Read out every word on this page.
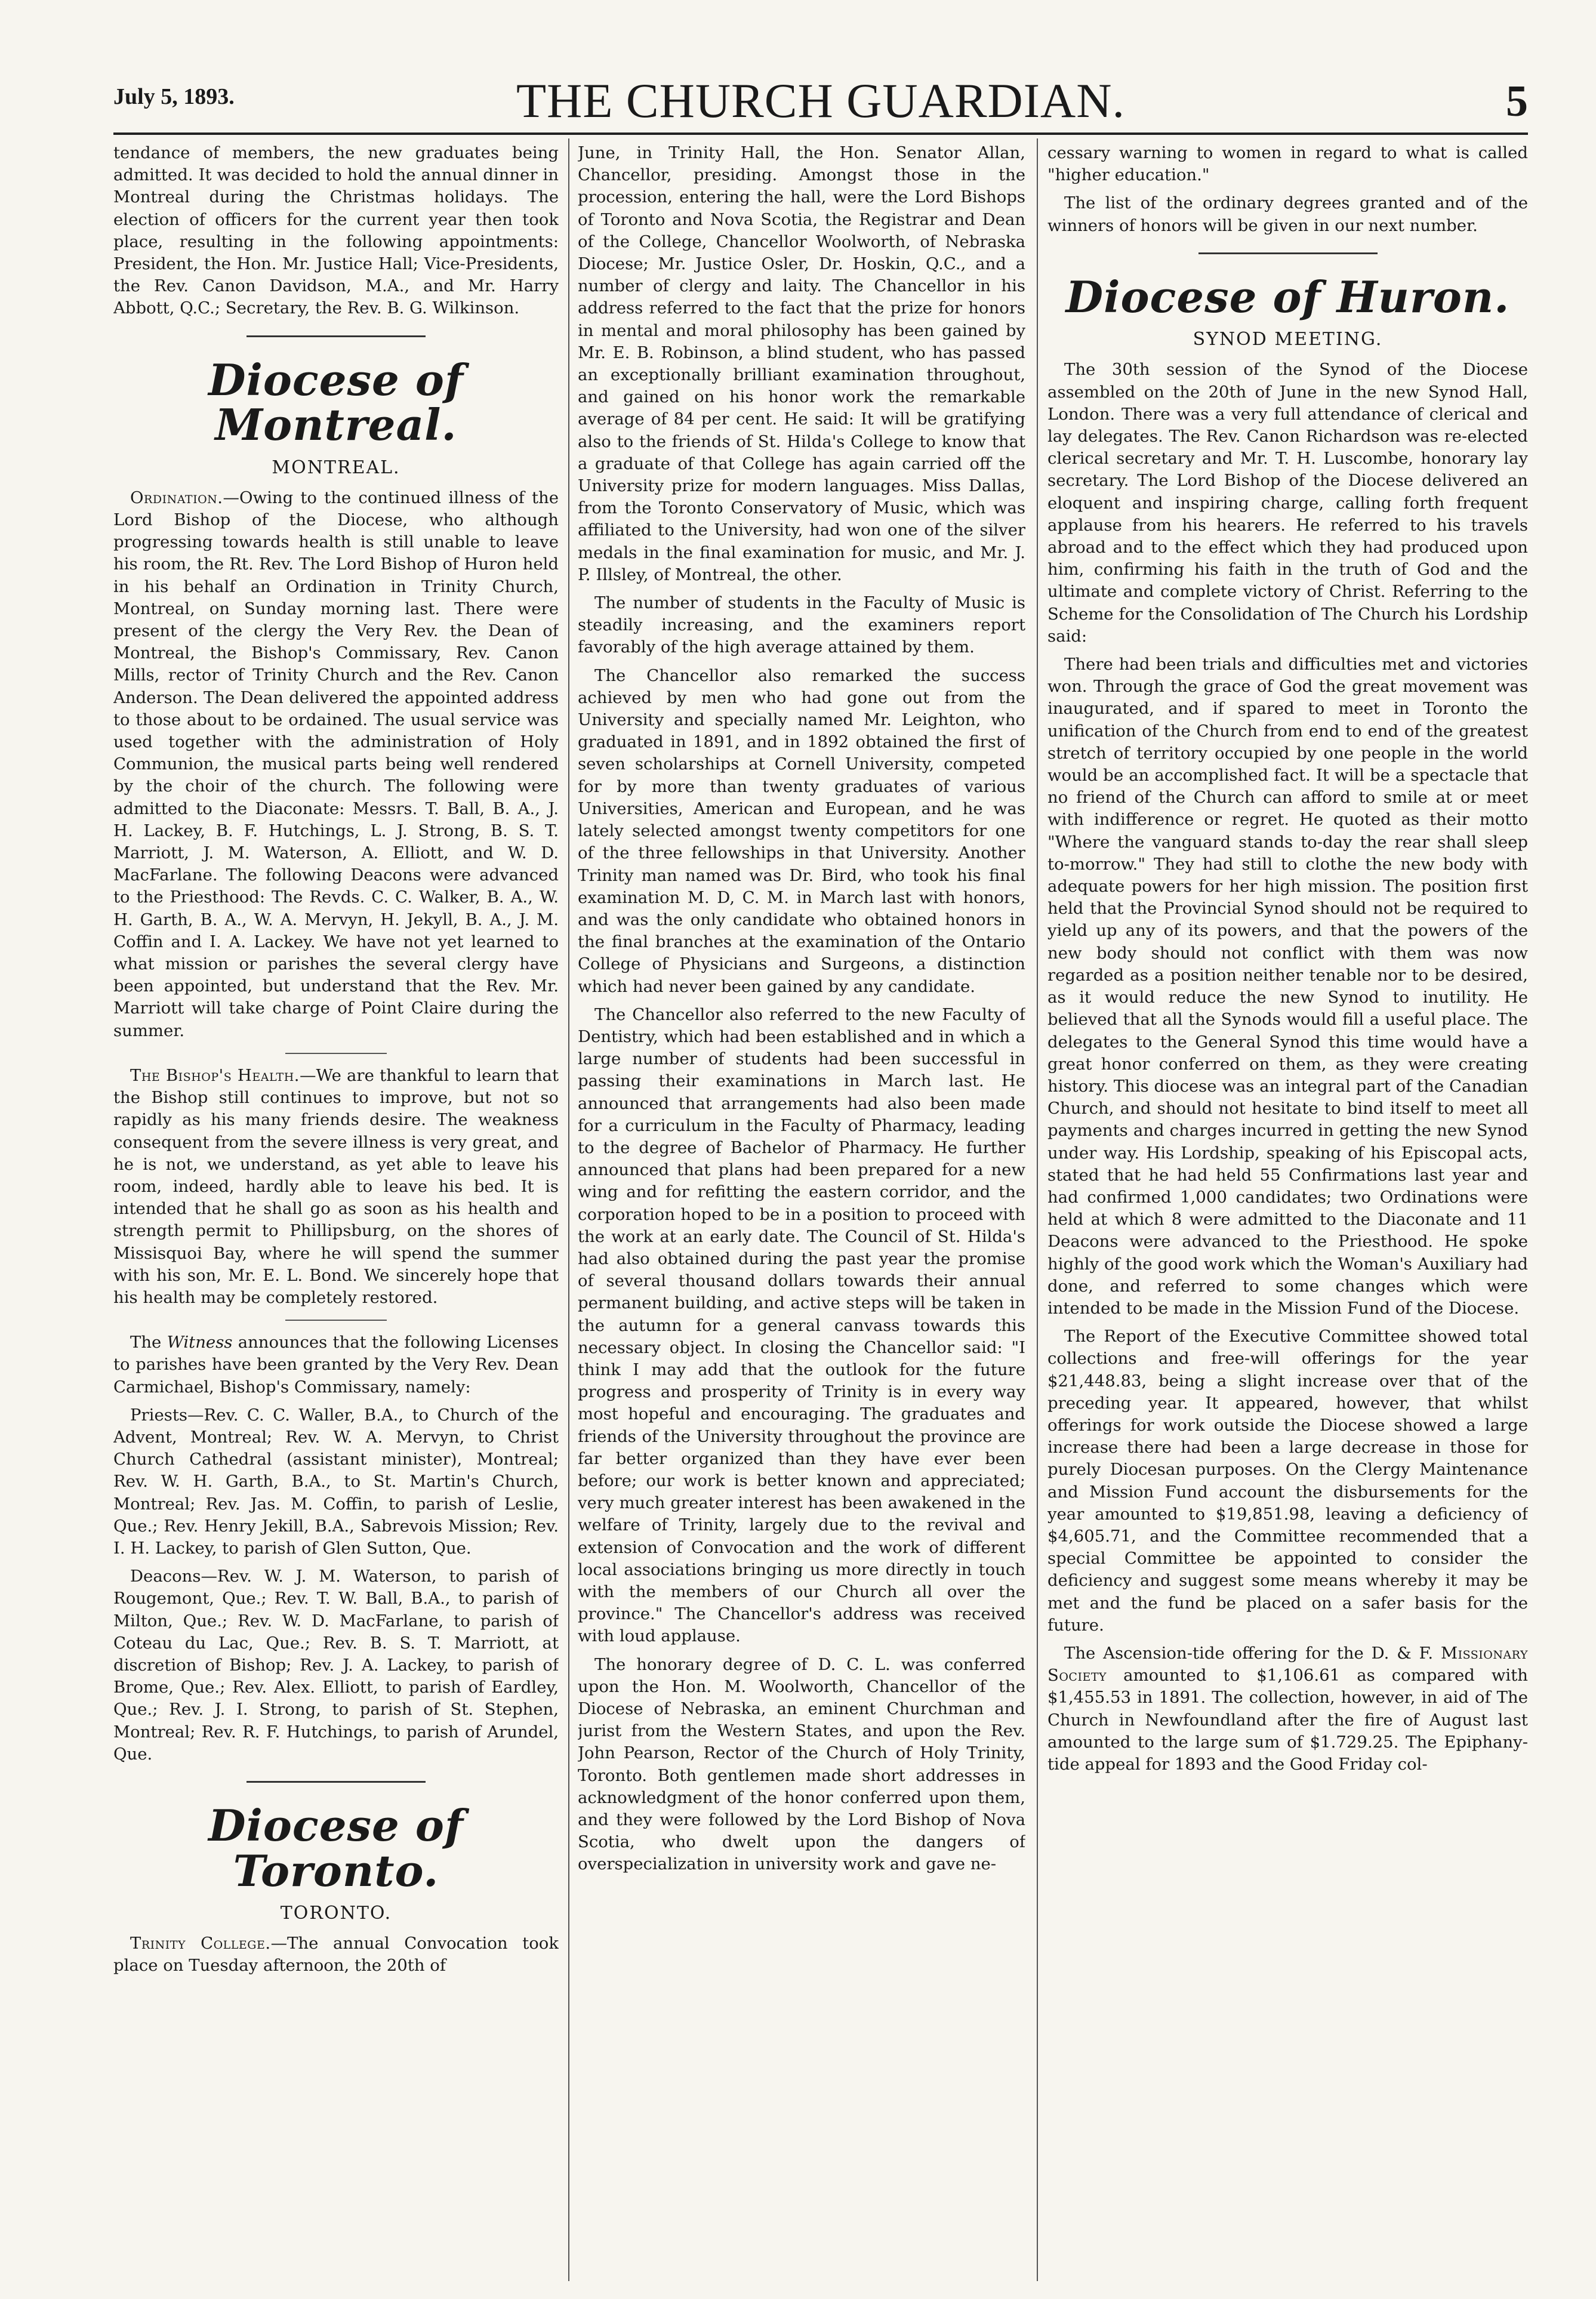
July 5, 1893.	THE CHURCH GUARDIAN.	5

tendance of members, the new graduates being admitted. It was decided to hold the annual dinner in Montreal during the Christmas holidays. The election of officers for the current year then took place, resulting in the following appointments: President, the Hon. Mr. Justice Hall; Vice-Presidents, the Rev. Canon Davidson, M.A., and Mr. Harry Abbott, Q.C.; Secretary, the Rev. B. G. Wilkinson.

Diocese of Montreal.
MONTREAL.

Ordination.—Owing to the continued illness of the Lord Bishop of the Diocese, who although progressing towards health is still unable to leave his room, the Rt. Rev. The Lord Bishop of Huron held in his behalf an Ordination in Trinity Church, Montreal, on Sunday morning last. There were present of the clergy the Very Rev. the Dean of Montreal, the Bishop's Commissary, Rev. Canon Mills, rector of Trinity Church and the Rev. Canon Anderson. The Dean delivered the appointed address to those about to be ordained. The usual service was used together with the administration of Holy Communion, the musical parts being well rendered by the choir of the church. The following were admitted to the Diaconate: Messrs. T. Ball, B. A., J. H. Lackey, B. F. Hutchings, L. J. Strong, B. S. T. Marriott, J. M. Waterson, A. Elliott, and W. D. MacFarlane. The following Deacons were advanced to the Priesthood: The Revds. C. C. Walker, B. A., W. H. Garth, B. A., W. A. Mervyn, H. Jekyll, B. A., J. M. Coffin and I. A. Lackey. We have not yet learned to what mission or parishes the several clergy have been appointed, but understand that the Rev. Mr. Marriott will take charge of Point Claire during the summer.

The Bishop's Health.—We are thankful to learn that the Bishop still continues to improve, but not so rapidly as his many friends desire. The weakness consequent from the severe illness is very great, and he is not, we understand, as yet able to leave his room, indeed, hardly able to leave his bed. It is intended that he shall go as soon as his health and strength permit to Phillipsburg, on the shores of Missisquoi Bay, where he will spend the summer with his son, Mr. E. L. Bond. We sincerely hope that his health may be completely restored.

The Witness announces that the following Licenses to parishes have been granted by the Very Rev. Dean Carmichael, Bishop's Commissary, namely:

Priests—Rev. C. C. Waller, B.A., to Church of the Advent, Montreal; Rev. W. A. Mervyn, to Christ Church Cathedral (assistant minister), Montreal; Rev. W. H. Garth, B.A., to St. Martin's Church, Montreal; Rev. Jas. M. Coffin, to parish of Leslie, Que.; Rev. Henry Jekill, B.A., Sabrevois Mission; Rev. I. H. Lackey, to parish of Glen Sutton, Que.

Deacons—Rev. W. J. M. Waterson, to parish of Rougemont, Que.; Rev. T. W. Ball, B.A., to parish of Milton, Que.; Rev. W. D. MacFarlane, to parish of Coteau du Lac, Que.; Rev. B. S. T. Marriott, at discretion of Bishop; Rev. J. A. Lackey, to parish of Brome, Que.; Rev. Alex. Elliott, to parish of Eardley, Que.; Rev. J. I. Strong, to parish of St. Stephen, Montreal; Rev. R. F. Hutchings, to parish of Arundel, Que.

Diocese of Toronto.
TORONTO.

Trinity College.—The annual Convocation took place on Tuesday afternoon, the 20th of

June, in Trinity Hall, the Hon. Senator Allan, Chancellor, presiding. Amongst those in the procession, entering the hall, were the Lord Bishops of Toronto and Nova Scotia, the Registrar and Dean of the College, Chancellor Woolworth, of Nebraska Diocese; Mr. Justice Osler, Dr. Hoskin, Q.C., and a number of clergy and laity. The Chancellor in his address referred to the fact that the prize for honors in mental and moral philosophy has been gained by Mr. E. B. Robinson, a blind student, who has passed an exceptionally brilliant examination throughout, and gained on his honor work the remarkable average of 84 per cent. He said: It will be gratifying also to the friends of St. Hilda's College to know that a graduate of that College has again carried off the University prize for modern languages. Miss Dallas, from the Toronto Conservatory of Music, which was affiliated to the University, had won one of the silver medals in the final examination for music, and Mr. J. P. Illsley, of Montreal, the other.

The number of students in the Faculty of Music is steadily increasing, and the examiners report favorably of the high average attained by them.

The Chancellor also remarked the success achieved by men who had gone out from the University and specially named Mr. Leighton, who graduated in 1891, and in 1892 obtained the first of seven scholarships at Cornell University, competed for by more than twenty graduates of various Universities, American and European, and he was lately selected amongst twenty competitors for one of the three fellowships in that University. Another Trinity man named was Dr. Bird, who took his final examination M. D, C. M. in March last with honors, and was the only candidate who obtained honors in the final branches at the examination of the Ontario College of Physicians and Surgeons, a distinction which had never been gained by any candidate.

The Chancellor also referred to the new Faculty of Dentistry, which had been established and in which a large number of students had been successful in passing their examinations in March last. He announced that arrangements had also been made for a curriculum in the Faculty of Pharmacy, leading to the degree of Bachelor of Pharmacy. He further announced that plans had been prepared for a new wing and for refitting the eastern corridor, and the corporation hoped to be in a position to proceed with the work at an early date. The Council of St. Hilda's had also obtained during the past year the promise of several thousand dollars towards their annual permanent building, and active steps will be taken in the autumn for a general canvass towards this necessary object. In closing the Chancellor said: "I think I may add that the outlook for the future progress and prosperity of Trinity is in every way most hopeful and encouraging. The graduates and friends of the University throughout the province are far better organized than they have ever been before; our work is better known and appreciated; very much greater interest has been awakened in the welfare of Trinity, largely due to the revival and extension of Convocation and the work of different local associations bringing us more directly in touch with the members of our Church all over the province." The Chancellor's address was received with loud applause.

The honorary degree of D. C. L. was conferred upon the Hon. M. Woolworth, Chancellor of the Diocese of Nebraska, an eminent Churchman and jurist from the Western States, and upon the Rev. John Pearson, Rector of the Church of Holy Trinity, Toronto. Both gentlemen made short addresses in acknowledgment of the honor conferred upon them, and they were followed by the Lord Bishop of Nova Scotia, who dwelt upon the dangers of overspecialization in university work and gave ne-

cessary warning to women in regard to what is called "higher education."

The list of the ordinary degrees granted and of the winners of honors will be given in our next number.

Diocese of Huron.
SYNOD MEETING.

The 30th session of the Synod of the Diocese assembled on the 20th of June in the new Synod Hall, London. There was a very full attendance of clerical and lay delegates. The Rev. Canon Richardson was re-elected clerical secretary and Mr. T. H. Luscombe, honorary lay secretary. The Lord Bishop of the Diocese delivered an eloquent and inspiring charge, calling forth frequent applause from his hearers. He referred to his travels abroad and to the effect which they had produced upon him, confirming his faith in the truth of God and the ultimate and complete victory of Christ. Referring to the Scheme for the Consolidation of The Church his Lordship said:

There had been trials and difficulties met and victories won. Through the grace of God the great movement was inaugurated, and if spared to meet in Toronto the unification of the Church from end to end of the greatest stretch of territory occupied by one people in the world would be an accomplished fact. It will be a spectacle that no friend of the Church can afford to smile at or meet with indifference or regret. He quoted as their motto "Where the vanguard stands to-day the rear shall sleep to-morrow." They had still to clothe the new body with adequate powers for her high mission. The position first held that the Provincial Synod should not be required to yield up any of its powers, and that the powers of the new body should not conflict with them was now regarded as a position neither tenable nor to be desired, as it would reduce the new Synod to inutility. He believed that all the Synods would fill a useful place. The delegates to the General Synod this time would have a great honor conferred on them, as they were creating history. This diocese was an integral part of the Canadian Church, and should not hesitate to bind itself to meet all payments and charges incurred in getting the new Synod under way. His Lordship, speaking of his Episcopal acts, stated that he had held 55 Confirmations last year and had confirmed 1,000 candidates; two Ordinations were held at which 8 were admitted to the Diaconate and 11 Deacons were advanced to the Priesthood. He spoke highly of the good work which the Woman's Auxiliary had done, and referred to some changes which were intended to be made in the Mission Fund of the Diocese.

The Report of the Executive Committee showed total collections and free-will offerings for the year $21,448.83, being a slight increase over that of the preceding year. It appeared, however, that whilst offerings for work outside the Diocese showed a large increase there had been a large decrease in those for purely Diocesan purposes. On the Clergy Maintenance and Mission Fund account the disbursements for the year amounted to $19,851.98, leaving a deficiency of $4,605.71, and the Committee recommended that a special Committee be appointed to consider the deficiency and suggest some means whereby it may be met and the fund be placed on a safer basis for the future.

The Ascension-tide offering for the D. & F. Missionary Society amounted to $1,106.61 as compared with $1,455.53 in 1891. The collection, however, in aid of The Church in Newfoundland after the fire of August last amounted to the large sum of $1.729.25. The Epiphany-tide appeal for 1893 and the Good Friday col-
